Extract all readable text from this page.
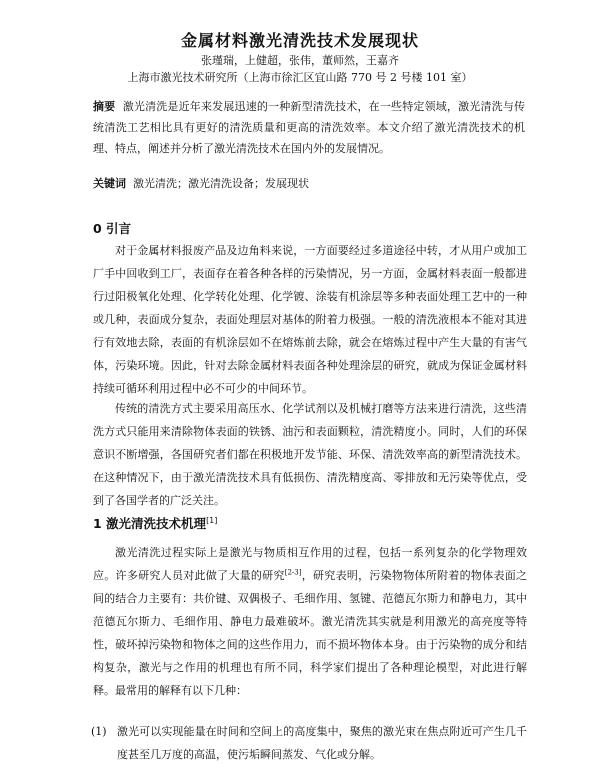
金属材料激光清洗技术发展现状
张瑾瑞，上健超，张伟，董师然，王嘉齐
上海市激光技术研究所（上海市徐汇区宜山路 770 号 2 号楼 101 室）
摘要 激光清洗是近年来发展迅速的一种新型清洗技术，在一些特定领域，激光清洗与传统清洗工艺相比具有更好的清洗质量和更高的清洗效率。本文介绍了激光清洗技术的机理、特点，阐述并分析了激光清洗技术在国内外的发展情况。
关键词 激光清洗；激光清洗设备；发展现状
0 引言
对于金属材料报废产品及边角料来说，一方面要经过多道途径中转，才从用户或加工厂手中回收到工厂，表面存在着各种各样的污染情况，另一方面，金属材料表面一般都进行过阳极氧化处理、化学转化处理、化学镀、涂装有机涂层等多种表面处理工艺中的一种或几种，表面成分复杂，表面处理层对基体的附着力极强。一般的清洗液根本不能对其进行有效地去除，表面的有机涂层如不在熔炼前去除，就会在熔炼过程中产生大量的有害气体，污染环境。因此，针对去除金属材料表面各种处理涂层的研究，就成为保证金属材料持续可循环利用过程中必不可少的中间环节。
传统的清洗方式主要采用高压水、化学试剂以及机械打磨等方法来进行清洗，这些清洗方式只能用来清除物体表面的铁锈、油污和表面颗粒，清洗精度小。同时，人们的环保意识不断增强，各国研究者们都在积极地开发节能、环保、清洗效率高的新型清洗技术。在这种情况下，由于激光清洗技术具有低损伤、清洗精度高、零排放和无污染等优点，受到了各国学者的广泛关注。
1 激光清洗技术机理[1]
激光清洗过程实际上是激光与物质相互作用的过程，包括一系列复杂的化学物理效应。许多研究人员对此做了大量的研究[2-3]，研究表明，污染物物体所附着的物体表面之间的结合力主要有：共价键、双偶极子、毛细作用、氢键、范德瓦尔斯力和静电力，其中范德瓦尔斯力、毛细作用、静电力最难破坏。激光清洗其实就是利用激光的高亮度等特性，破坏掉污染物和物体之间的这些作用力，而不损坏物体本身。由于污染物的成分和结构复杂，激光与之作用的机理也有所不同，科学家们提出了各种理论模型，对此进行解释。最常用的解释有以下几种：
(1) 激光可以实现能量在时间和空间上的高度集中，聚焦的激光束在焦点附近可产生几千度甚至几万度的高温，使污垢瞬间蒸发、气化或分解。
